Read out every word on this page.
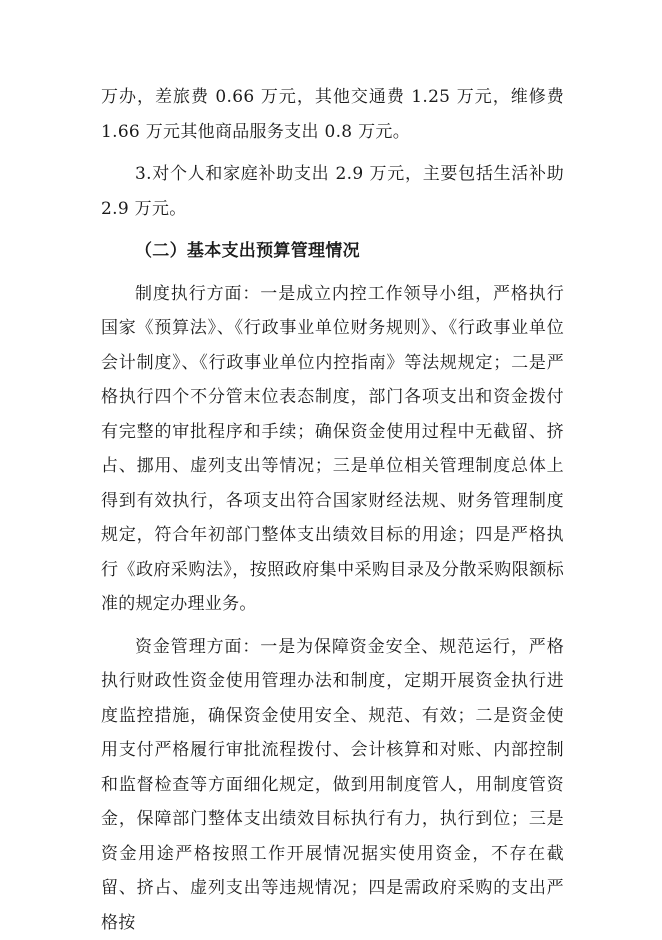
万办，差旅费 0.66 万元，其他交通费 1.25 万元，维修费 1.66 万元其他商品服务支出 0.8 万元。

3.对个人和家庭补助支出 2.9 万元，主要包括生活补助 2.9 万元。

（二）基本支出预算管理情况

制度执行方面：一是成立内控工作领导小组，严格执行国家《预算法》、《行政事业单位财务规则》、《行政事业单位会计制度》、《行政事业单位内控指南》等法规规定；二是严格执行四个不分管末位表态制度，部门各项支出和资金拨付有完整的审批程序和手续；确保资金使用过程中无截留、挤占、挪用、虚列支出等情况；三是单位相关管理制度总体上得到有效执行，各项支出符合国家财经法规、财务管理制度规定，符合年初部门整体支出绩效目标的用途；四是严格执行《政府采购法》，按照政府集中采购目录及分散采购限额标准的规定办理业务。

资金管理方面：一是为保障资金安全、规范运行，严格执行财政性资金使用管理办法和制度，定期开展资金执行进度监控措施，确保资金使用安全、规范、有效；二是资金使用支付严格履行审批流程拨付、会计核算和对账、内部控制和监督检查等方面细化规定，做到用制度管人，用制度管资金，保障部门整体支出绩效目标执行有力，执行到位；三是资金用途严格按照工作开展情况据实使用资金，不存在截留、挤占、虚列支出等违规情况；四是需政府采购的支出严格按
